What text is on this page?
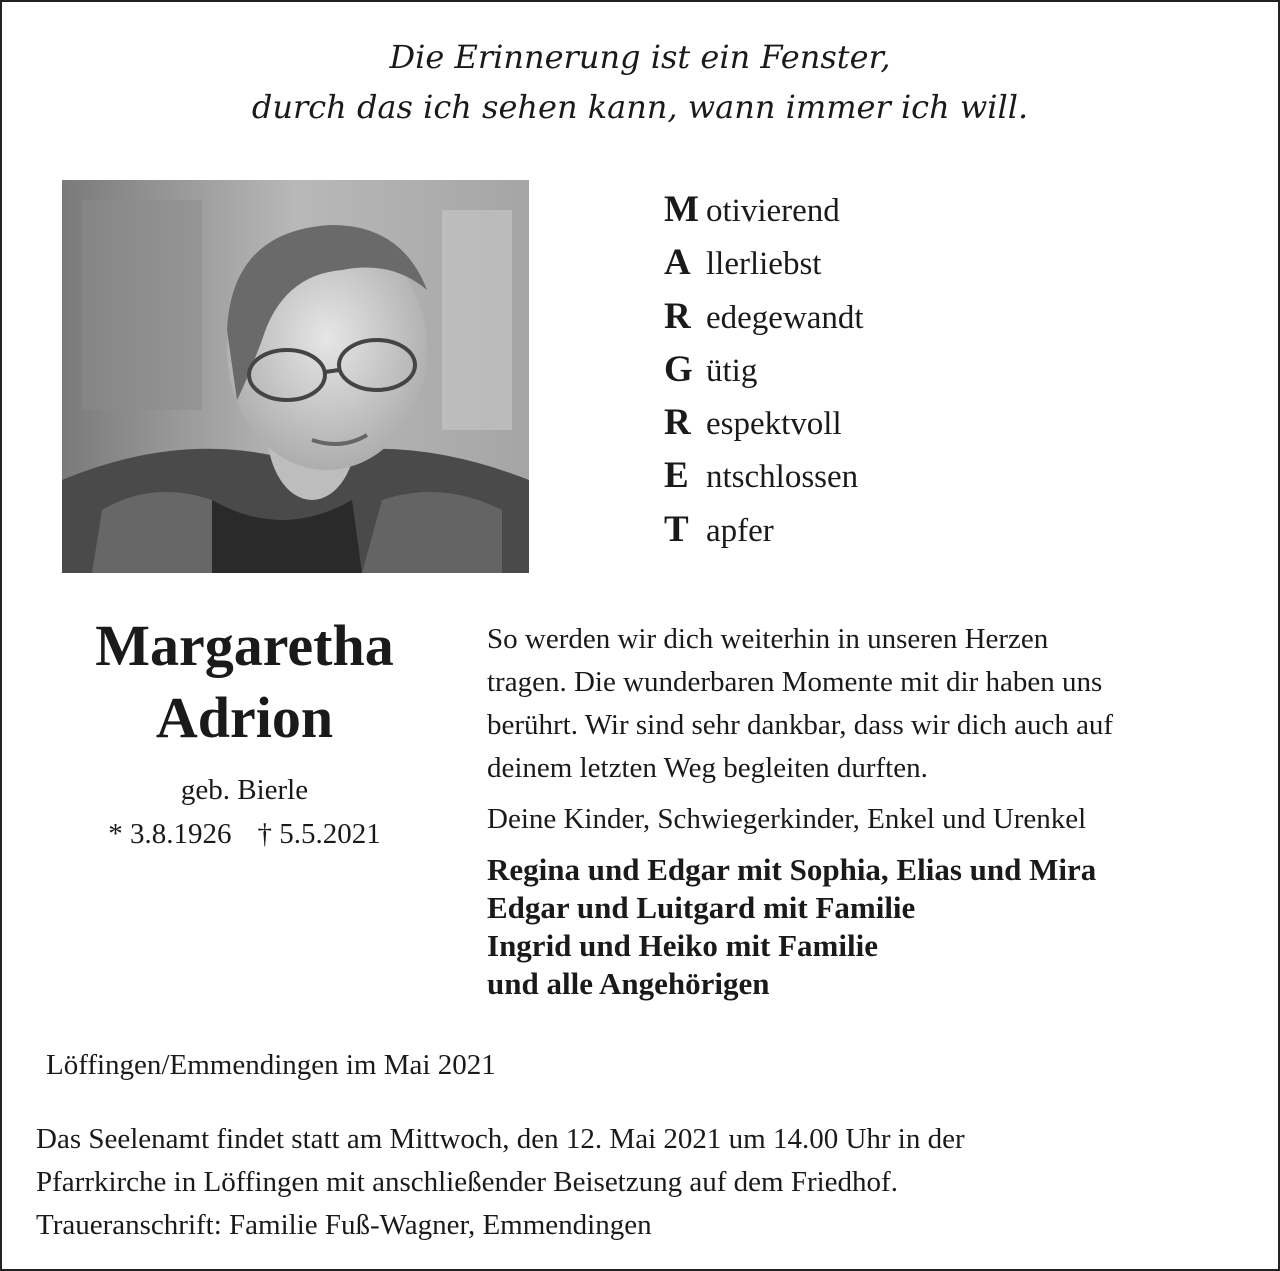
Die Erinnerung ist ein Fenster,
durch das ich sehen kann, wann immer ich will.
M otivierend
A llerliebst
R edegewandt
G ütig
R espektvoll
E ntschlossen
T apfer
Margaretha
Adrion
geb. Bierle
* 3.8.1926 † 5.5.2021
So werden wir dich weiterhin in unseren Herzen
tragen. Die wunderbaren Momente mit dir haben uns
berührt. Wir sind sehr dankbar, dass wir dich auch auf
deinem letzten Weg begleiten durften.
Deine Kinder, Schwiegerkinder, Enkel und Urenkel
Regina und Edgar mit Sophia, Elias und Mira
Edgar und Luitgard mit Familie
Ingrid und Heiko mit Familie
und alle Angehörigen
Löffingen/Emmendingen im Mai 2021
Das Seelenamt findet statt am Mittwoch, den 12. Mai 2021 um 14.00 Uhr in der
Pfarrkirche in Löffingen mit anschließender Beisetzung auf dem Friedhof.
Traueranschrift: Familie Fuß-Wagner, Emmendingen
